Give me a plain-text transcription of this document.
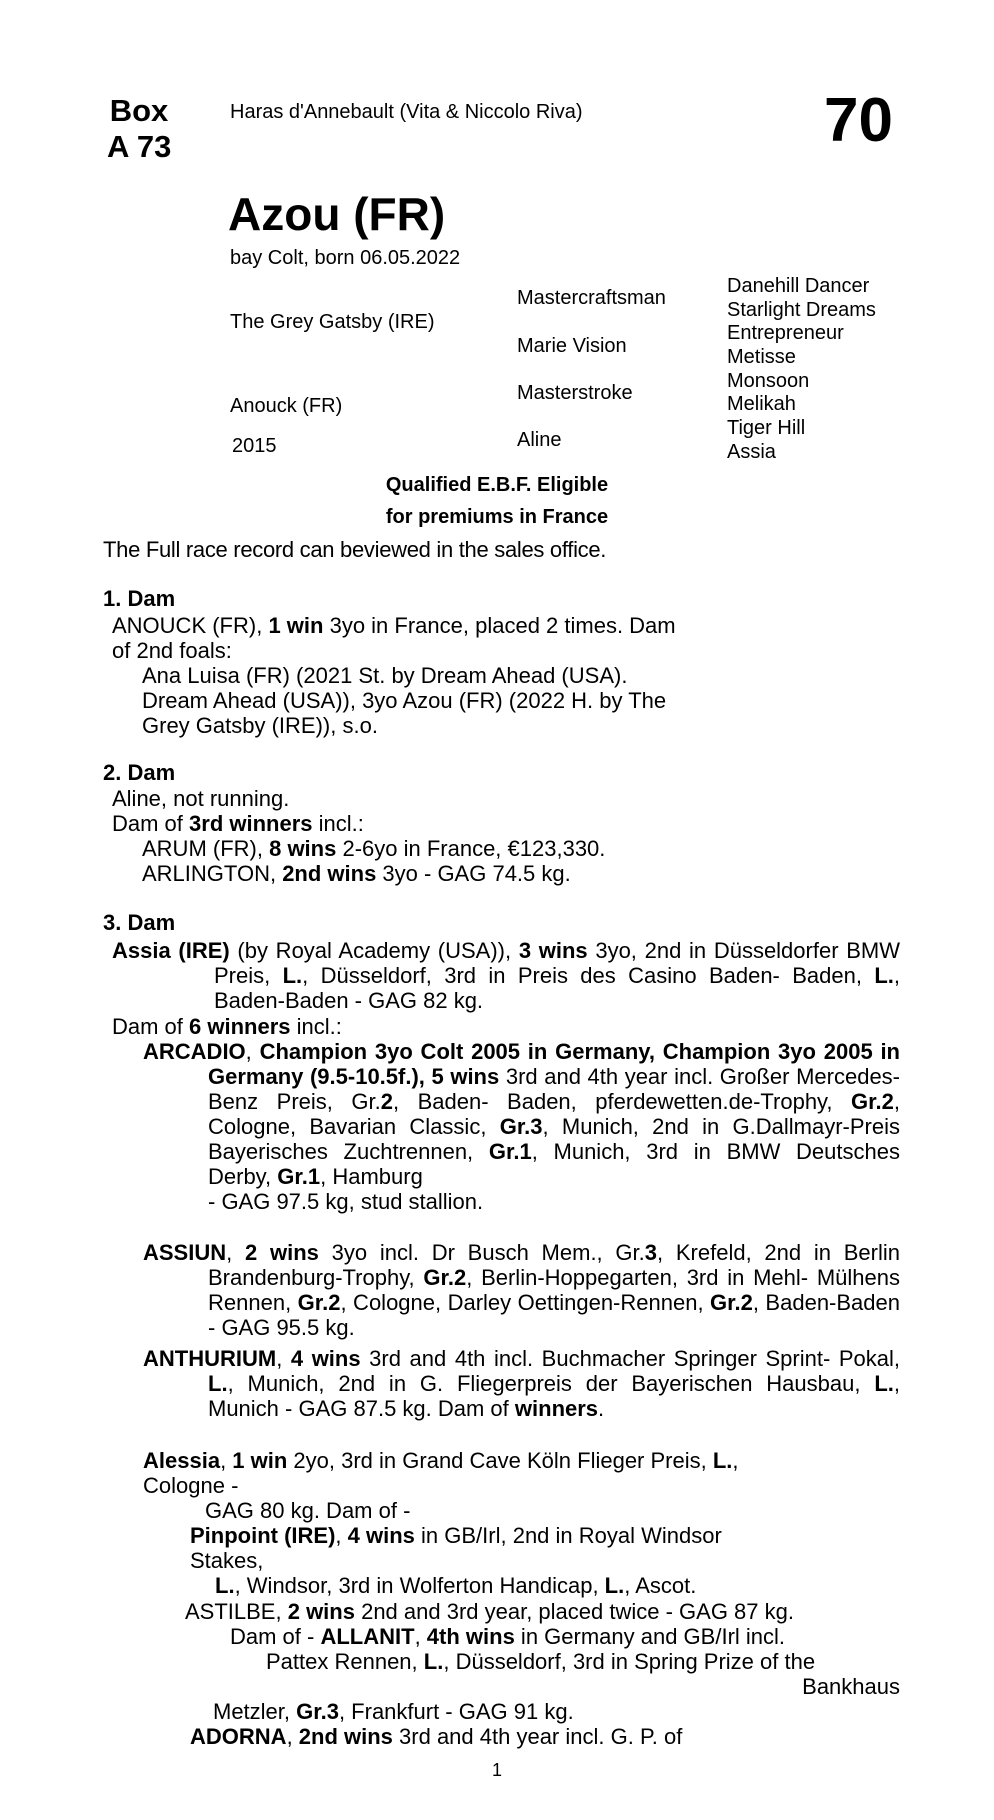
Box
A 73
Haras d'Annebault (Vita & Niccolo Riva)	70
Azou (FR)
bay Colt, born 06.05.2022
The Grey Gatsby (IRE)
Anouck (FR)
2015
Mastercraftsman
Marie Vision
Masterstroke
Aline
Danehill Dancer
Starlight Dreams
Entrepreneur
Metisse
Monsoon
Melikah
Tiger Hill
Assia
Qualified E.B.F. Eligible
for premiums in France
The Full race record can beviewed in the sales office.
1. Dam

ANOUCK (FR), 1 win 3yo in France, placed 2 times. Dam

of 2nd foals:

Ana Luisa (FR) (2021 St. by Dream Ahead (USA).

Dream Ahead (USA)), 3yo Azou (FR) (2022 H. by The

Grey Gatsby (IRE)), s.o.

2. Dam

Aline, not running.

Dam of 3rd winners incl.:

ARUM (FR), 8 wins 2-6yo in France, €123,330.

ARLINGTON, 2nd wins 3yo - GAG 74.5 kg.

3. Dam

Assia (IRE) (by Royal Academy (USA)), 3 wins 3yo, 2nd in Düsseldorfer BMW Preis, L., Düsseldorf, 3rd in Preis des Casino Baden- Baden, L., Baden-Baden - GAG 82 kg.

Dam of 6 winners incl.:

ARCADIO, Champion 3yo Colt 2005 in Germany, Champion 3yo 2005 in Germany (9.5-10.5f.), 5 wins 3rd and 4th year incl. Großer Mercedes-Benz Preis, Gr.2, Baden- Baden, pferdewetten.de-Trophy, Gr.2, Cologne, Bavarian Classic, Gr.3, Munich, 2nd in G.Dallmayr-Preis Bayerisches Zuchtrennen, Gr.1, Munich, 3rd in BMW Deutsches Derby, Gr.1, Hamburg

- GAG 97.5 kg, stud stallion.

ASSIUN, 2 wins 3yo incl. Dr Busch Mem., Gr.3, Krefeld, 2nd in Berlin Brandenburg-Trophy, Gr.2, Berlin-Hoppegarten, 3rd in Mehl- Mülhens Rennen, Gr.2, Cologne, Darley Oettingen-Rennen, Gr.2, Baden-Baden - GAG 95.5 kg.

ANTHURIUM, 4 wins 3rd and 4th incl. Buchmacher Springer Sprint- Pokal, L., Munich, 2nd in G. Fliegerpreis der Bayerischen Hausbau, L., Munich - GAG 87.5 kg. Dam of winners.

Alessia, 1 win 2yo, 3rd in Grand Cave Köln Flieger Preis, L.,

Cologne -

GAG 80 kg. Dam of -

Pinpoint (IRE), 4 wins in GB/Irl, 2nd in Royal Windsor

Stakes,

L., Windsor, 3rd in Wolferton Handicap, L., Ascot.

ASTILBE, 2 wins 2nd and 3rd year, placed twice - GAG 87 kg.

Dam of - ALLANIT, 4th wins in Germany and GB/Irl incl.

Pattex Rennen, L., Düsseldorf, 3rd in Spring Prize of the

Bankhaus

Metzler, Gr.3, Frankfurt - GAG 91 kg.

ADORNA, 2nd wins 3rd and 4th year incl. G. P. of

1
